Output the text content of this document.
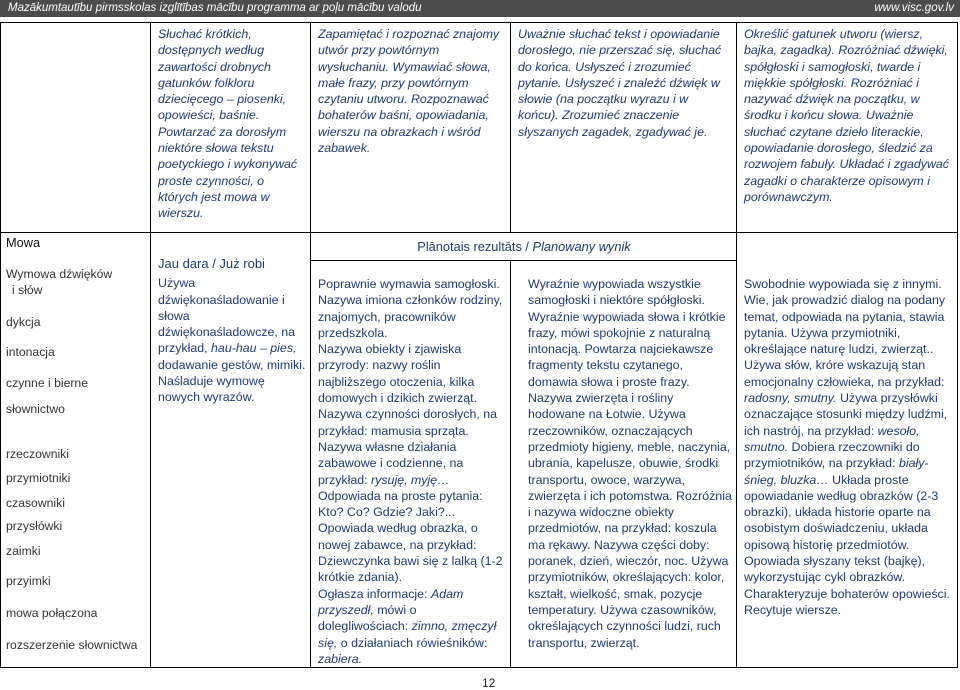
Mazākumtautību pirmsskolas izglītības mācību programma ar poļu mācību valodu	www.visc.gov.lv
Mowa
Wymowa dźwięków
i słów
dykcja
intonacja
czynne i bierne
słownictwo
rzeczowniki
przymiotniki
czasowniki
przysłówki
zaimki
przyimki
mowa połączona
rozszerzenie słownictwa
Słuchać krótkich, dostępnych według zawartości drobnych gatunków folkloru dziecięcego – piosenki, opowieści, baśnie. Powtarzać za dorosłym niektóre słowa tekstu poetyckiego i wykonywać proste czynności, o których jest mowa w wierszu.

Jau dara / Już robi

Używa dźwiękonaśladowanie i słowa dźwiękonaśladowcze, na przykład, hau-hau – pies, dodawanie gestów, mimiki. Naśladuje wymowę nowych wyrazów.

Zapamiętać i rozpoznać znajomy utwór przy powtórnym wysłuchaniu. Wymawiać słowa, małe frazy, przy powtórnym czytaniu utworu. Rozpoznawać bohaterów baśni, opowiadania, wierszu na obrazkach i wśród zabawek.

Poprawnie wymawia samogłoski.

Nazywa imiona członków rodziny, znajomych, pracowników przedszkola.

Nazywa obiekty i zjawiska przyrody: nazwy roślin najbliższego otoczenia, kilka domowych i dzikich zwierząt.

Nazywa czynności dorosłych, na przykład: mamusia sprząta. Nazywa własne działania zabawowe i codzienne, na przykład: rysuję, myję…

Odpowiada na proste pytania: Kto? Co? Gdzie? Jaki?...

Opowiada według obrazka, o nowej zabawce, na przykład: Dziewczynka bawi się z lalką (1-2 krótkie zdania).

Ogłasza informacje: Adam przyszedł, mówi o dolegliwościach: zimno, zmęczył się, o działaniach rówieśników: zabiera.

Uważnie słuchać tekst i opowiadanie dorosłego, nie przerszać się, słuchać do końca. Usłyszeć i zrozumieć pytanie. Usłyszeć i znaleźć dźwięk w słowie (na początku wyrazu i w końcu). Zrozumieć znaczenie słyszanych zagadek, zgadywać je.
Wyraźnie wypowiada wszystkie samogłoski i niektóre spółgłoski. Wyraźnie wypowiada słowa i krótkie frazy, mówi spokojnie z naturalną intonacją. Powtarza najciekawsze fragmenty tekstu czytanego, domawia słowa i proste frazy. Nazywa zwierzęta i rośliny hodowane na Łotwie. Używa rzeczowników, oznaczających przedmioty higieny, meble, naczynia, ubrania, kapelusze, obuwie, środki transportu, owoce, warzywa, zwierzęta i ich potomstwa. Rozróżnia i nazywa widoczne obiekty przedmiotów, na przykład: koszula ma rękawy. Nazywa części doby: poranek, dzień, wieczór, noc. Używa przymiotników, określających: kolor, kształt, wielkość, smak, pozycje temperatury. Używa czasowników, określających czynności ludzi, ruch transportu, zwierząt.
Plānotais rezultāts / Planowany wynik
Określić gatunek utworu (wiersz, bajka, zagadka). Rozróżniać dźwięki, spółgłoski i samogłoski, twarde i miękkie spółgłoski. Rozróżniać i nazywać dźwięk na początku, w środku i końcu słowa. Uważnie słuchać czytane dzieło literackie, opowiadanie dorosłego, śledzić za rozwojem fabuły. Układać i zgadywać zagadki o charakterze opisowym i porównawczym.
Swobodnie wypowiada się z innymi. Wie, jak prowadzić dialog na podany temat, odpowiada na pytania, stawia pytania. Używa przymiotniki, określające naturę ludzi, zwierząt.. Używa słów, króre wskazują stan emocjonalny człowieka, na przykład: radosny, smutny. Używa przysłówki oznaczające stosunki między ludźmi, ich nastrój, na przykład: wesoło, smutno. Dobiera rzeczowniki do przymiotników, na przykład: biały-śnieg, bluzka… Układa proste opowiadanie według obrazków (2-3 obrazki), układa historie oparte na osobistym doświadczeniu, układa opisową historię przedmiotów. Opowiada słyszany tekst (bajkę), wykorzystując cykl obrazków. Charakteryzuje bohaterów opowieści. Recytuje wiersze.
12
